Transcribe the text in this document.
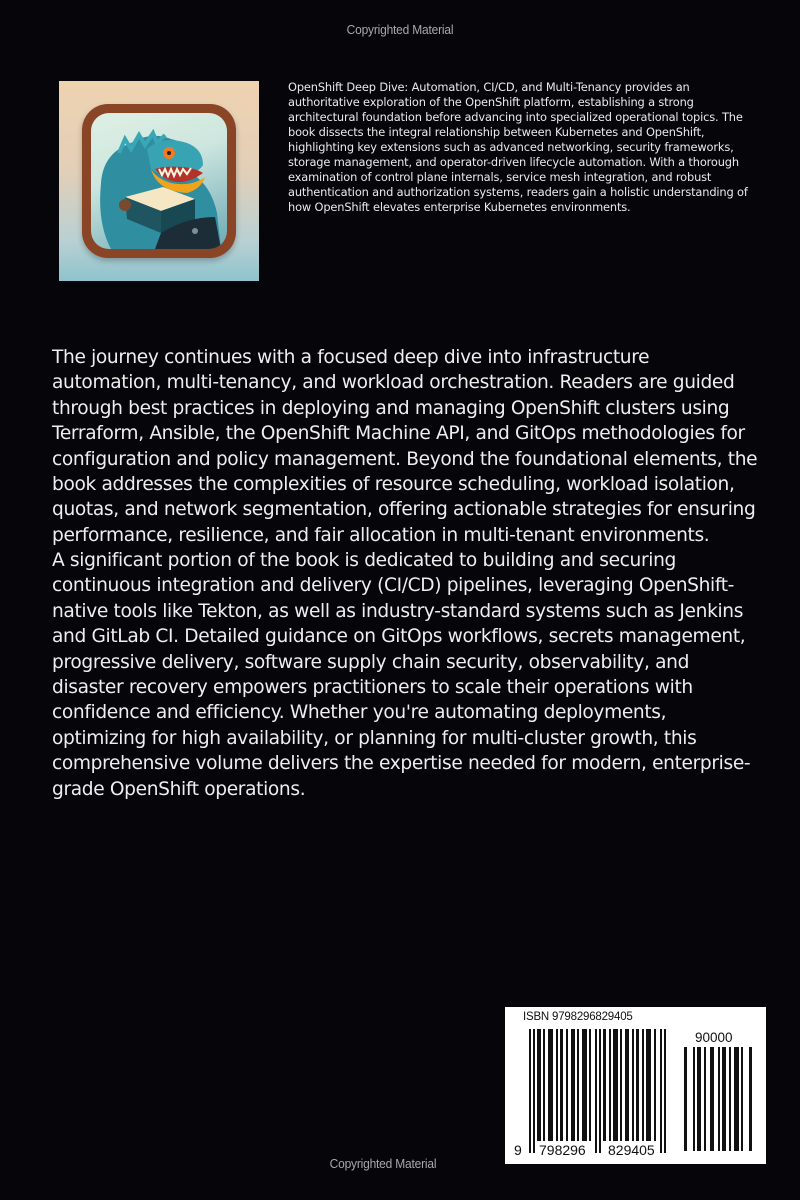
Copyrighted Material
OpenShift Deep Dive: Automation, CI/CD, and Multi-Tenancy provides an authoritative exploration of the OpenShift platform, establishing a strong architectural foundation before advancing into specialized operational topics. The book dissects the integral relationship between Kubernetes and OpenShift, highlighting key extensions such as advanced networking, security frameworks, storage management, and operator-driven lifecycle automation. With a thorough examination of control plane internals, service mesh integration, and robust authentication and authorization systems, readers gain a holistic understanding of how OpenShift elevates enterprise Kubernetes environments.
The journey continues with a focused deep dive into infrastructure automation, multi-tenancy, and workload orchestration. Readers are guided through best practices in deploying and managing OpenShift clusters using Terraform, Ansible, the OpenShift Machine API, and GitOps methodologies for configuration and policy management. Beyond the foundational elements, the book addresses the complexities of resource scheduling, workload isolation, quotas, and network segmentation, offering actionable strategies for ensuring performance, resilience, and fair allocation in multi-tenant environments.
A significant portion of the book is dedicated to building and securing continuous integration and delivery (CI/CD) pipelines, leveraging OpenShift-native tools like Tekton, as well as industry-standard systems such as Jenkins and GitLab CI. Detailed guidance on GitOps workflows, secrets management, progressive delivery, software supply chain security, observability, and disaster recovery empowers practitioners to scale their operations with confidence and efficiency. Whether you're automating deployments, optimizing for high availability, or planning for multi-cluster growth, this comprehensive volume delivers the expertise needed for modern, enterprise-grade OpenShift operations.
ISBN 9798296829405
90000
9 798296 829405
Copyrighted Material
